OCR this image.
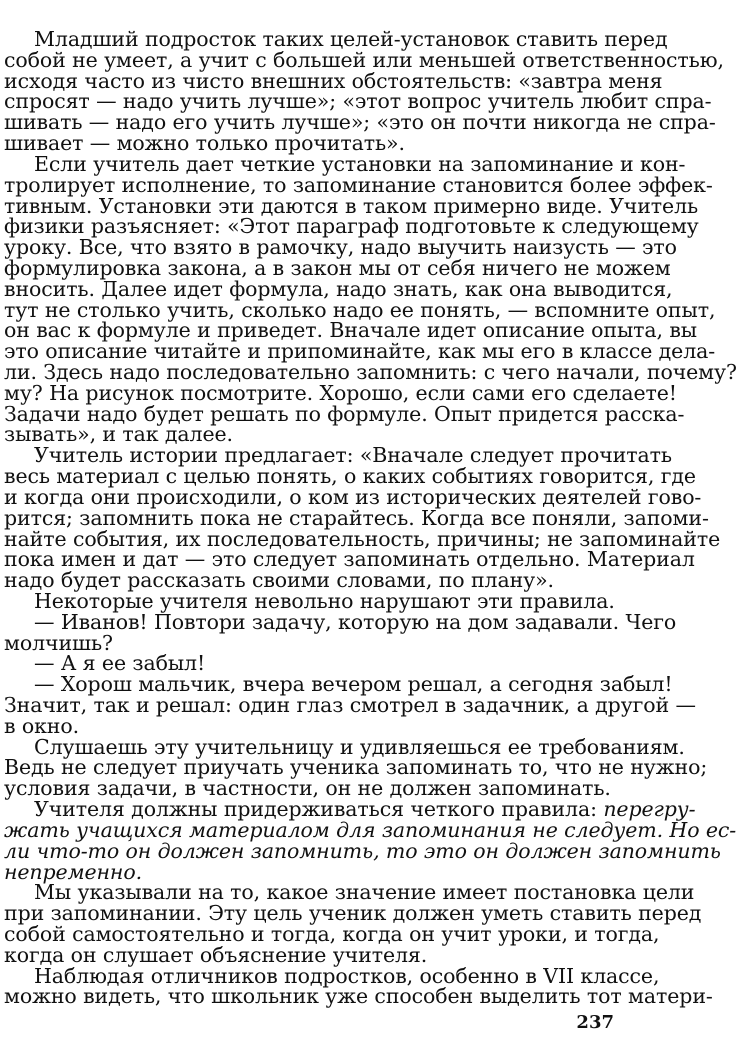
Младший подросток таких целей-установок ставить перед
собой не умеет, а учит с большей или меньшей ответственностью,
исходя часто из чисто внешних обстоятельств: «завтра меня
спросят — надо учить лучше»; «этот вопрос учитель любит спра-
шивать — надо его учить лучше»; «это он почти никогда не спра-
шивает — можно только прочитать».
Если учитель дает четкие установки на запоминание и кон-
тролирует исполнение, то запоминание становится более эффек-
тивным. Установки эти даются в таком примерно виде. Учитель
физики разъясняет: «Этот параграф подготовьте к следующему
уроку. Все, что взято в рамочку, надо выучить наизусть — это
формулировка закона, а в закон мы от себя ничего не можем
вносить. Далее идет формула, надо знать, как она выводится,
тут не столько учить, сколько надо ее понять, — вспомните опыт,
он вас к формуле и приведет. Вначале идет описание опыта, вы
это описание читайте и припоминайте, как мы его в классе дела-
ли. Здесь надо последовательно запомнить: с чего начали, почему?
му? На рисунок посмотрите. Хорошо, если сами его сделаете!
Задачи надо будет решать по формуле. Опыт придется расска-
зывать», и так далее.
Учитель истории предлагает: «Вначале следует прочитать
весь материал с целью понять, о каких событиях говорится, где
и когда они происходили, о ком из исторических деятелей гово-
рится; запомнить пока не старайтесь. Когда все поняли, запоми-
найте события, их последовательность, причины; не запоминайте
пока имен и дат — это следует запоминать отдельно. Материал
надо будет рассказать своими словами, по плану».
Некоторые учителя невольно нарушают эти правила.
— Иванов! Повтори задачу, которую на дом задавали. Чего
молчишь?
— А я ее забыл!
— Хорош мальчик, вчера вечером решал, а сегодня забыл!
Значит, так и решал: один глаз смотрел в задачник, а другой —
в окно.
Слушаешь эту учительницу и удивляешься ее требованиям.
Ведь не следует приучать ученика запоминать то, что не нужно;
условия задачи, в частности, он не должен запоминать.
Учителя должны придерживаться четкого правила: перегру-
жать учащихся материалом для запоминания не следует. Но ес-
ли что-то он должен запомнить, то это он должен запомнить
непременно.
Мы указывали на то, какое значение имеет постановка цели
при запоминании. Эту цель ученик должен уметь ставить перед
собой самостоятельно и тогда, когда он учит уроки, и тогда,
когда он слушает объяснение учителя.
Наблюдая отличников подростков, особенно в VII классе,
можно видеть, что школьник уже способен выделить тот матери-
237
